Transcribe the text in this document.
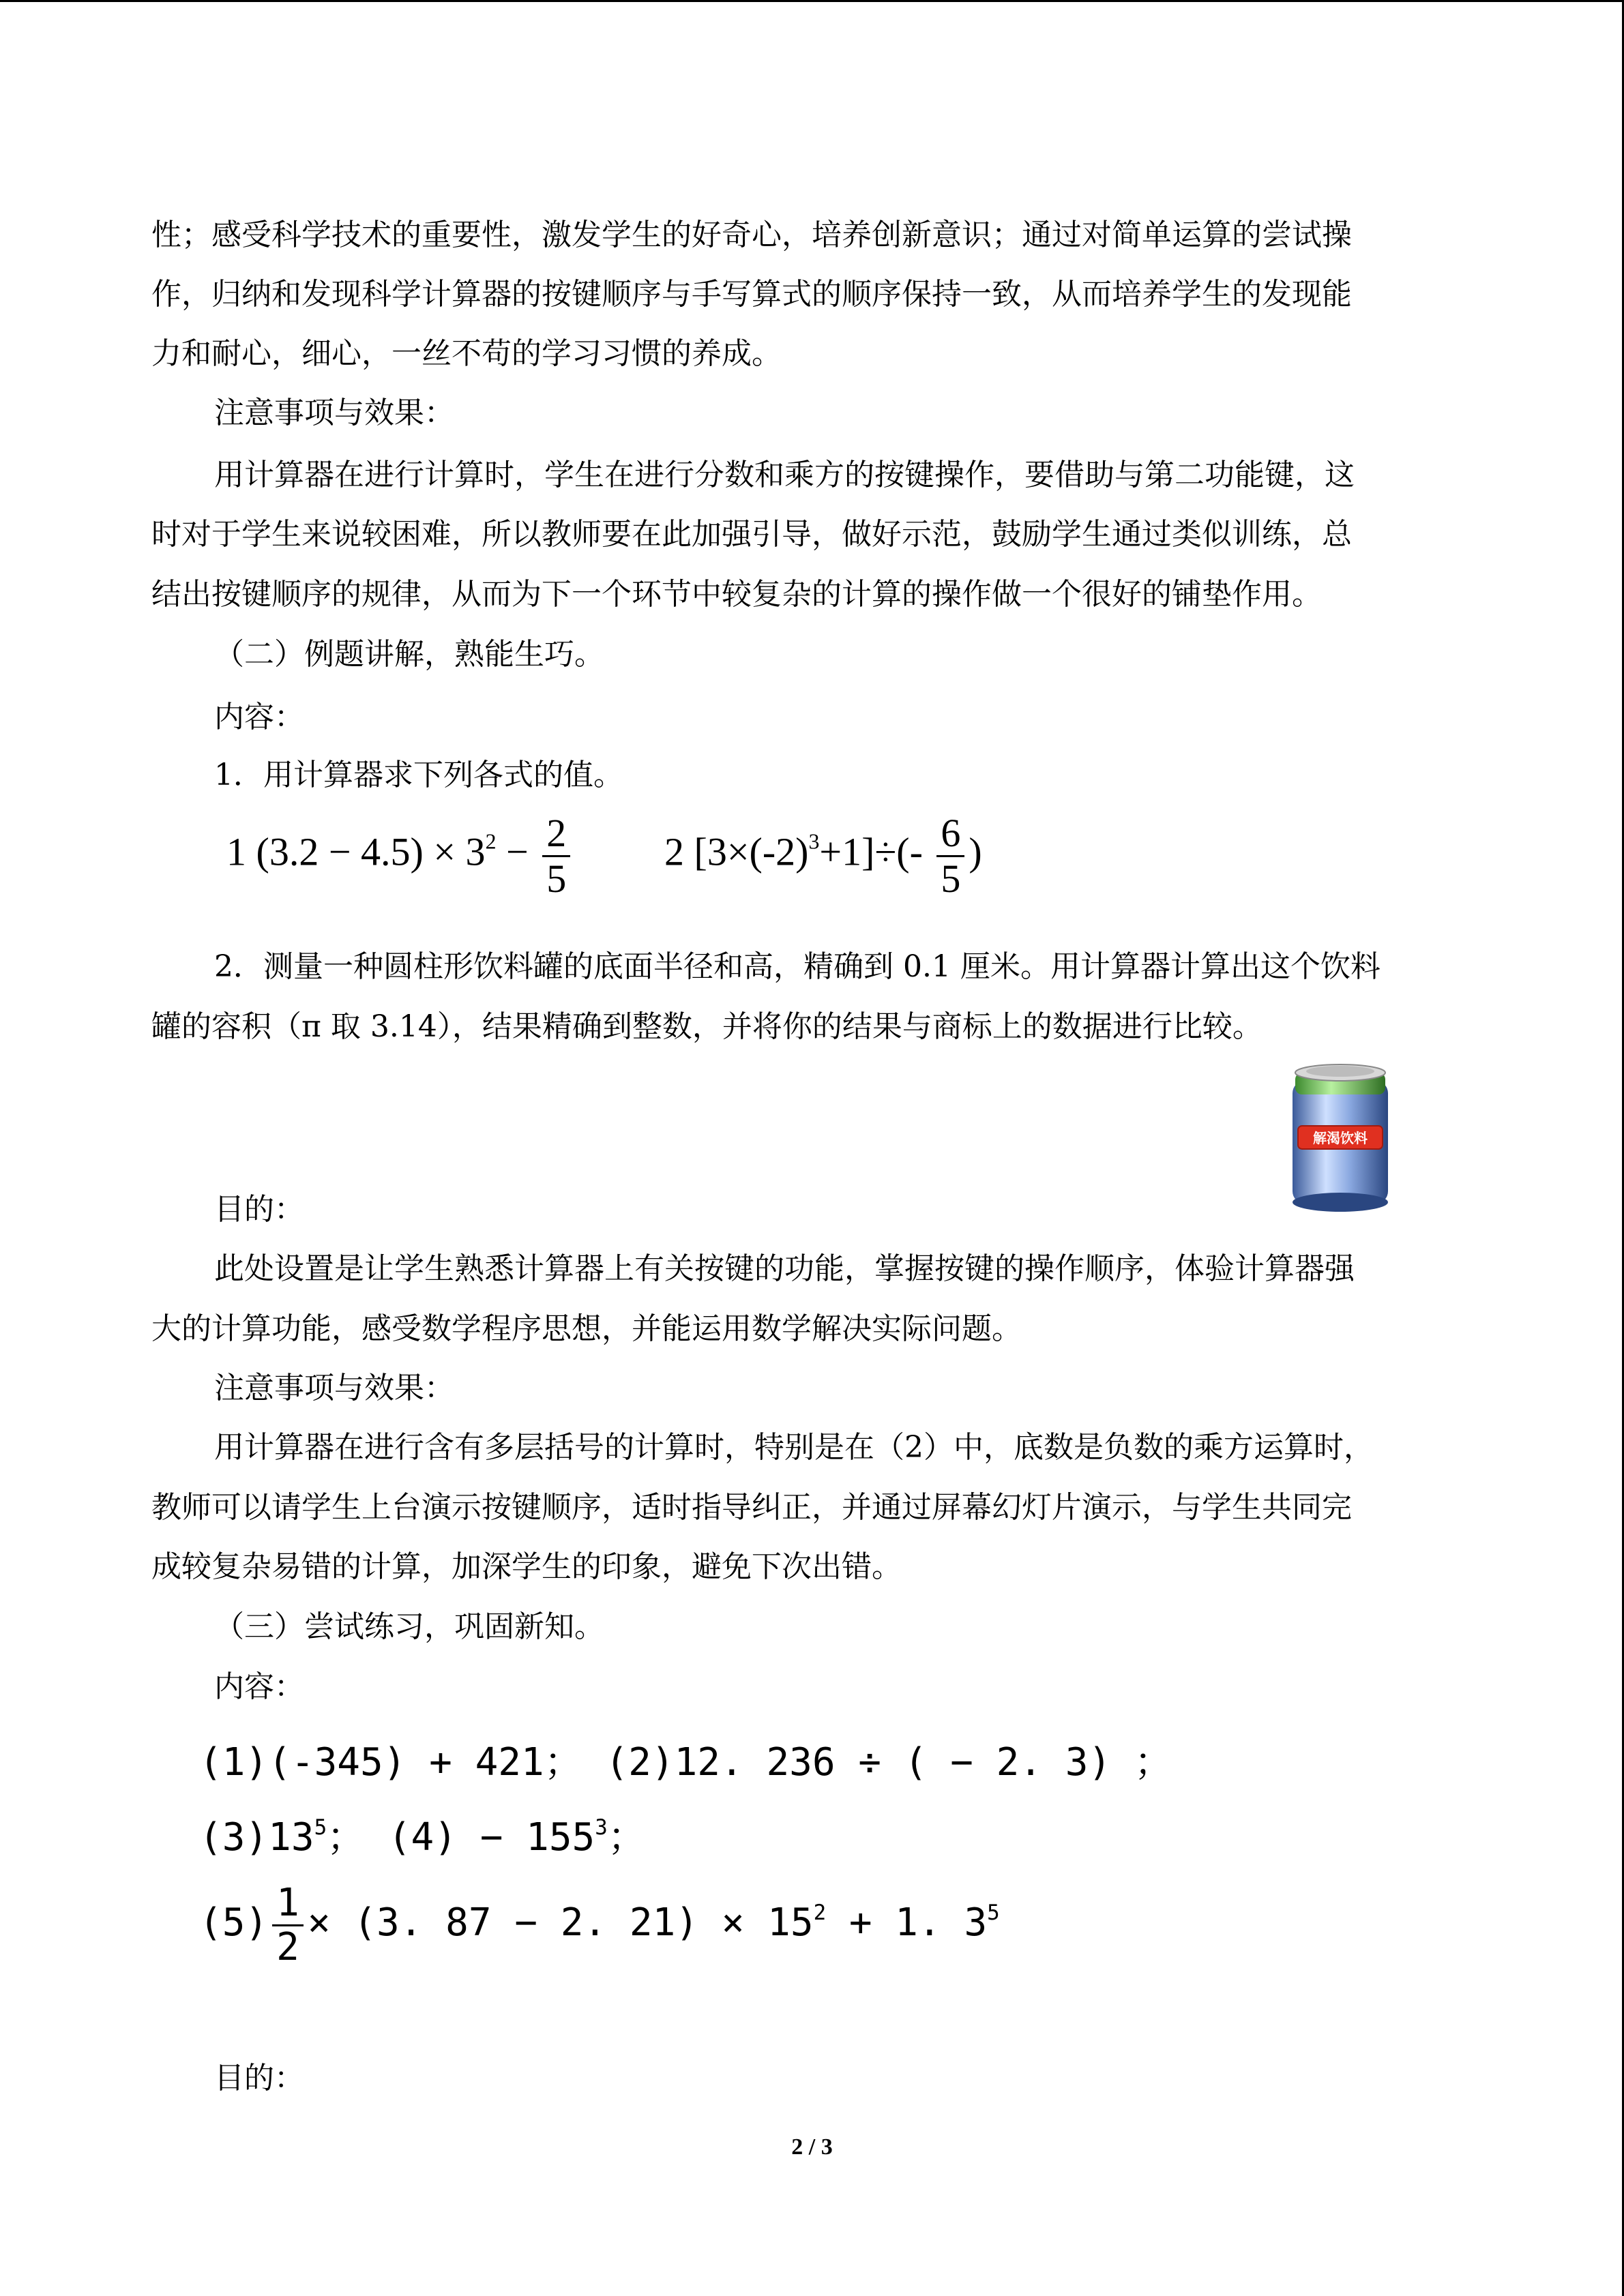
性；感受科学技术的重要性，激发学生的好奇心，培养创新意识；通过对简单运算的尝试操
作，归纳和发现科学计算器的按键顺序与手写算式的顺序保持一致，从而培养学生的发现能
力和耐心，细心，一丝不苟的学习习惯的养成。
注意事项与效果：
用计算器在进行计算时，学生在进行分数和乘方的按键操作，要借助与第二功能键，这
时对于学生来说较困难，所以教师要在此加强引导，做好示范，鼓励学生通过类似训练，总
结出按键顺序的规律，从而为下一个环节中较复杂的计算的操作做一个很好的铺垫作用。
（二）例题讲解，熟能生巧。
内容：
1．用计算器求下列各式的值。
1 $(3.2 - 4.5) \times 3^2 - \frac{2}{5} 2$ $[3\times(-2)^3+1]\div(- \frac{6}{5}$ )
2．测量一种圆柱形饮料罐的底面半径和高，精确到 0.1 厘米。用计算器计算出这个饮料
罐的容积（π 取 3.14），结果精确到整数，并将你的结果与商标上的数据进行比较。
目的：
此处设置是让学生熟悉计算器上有关按键的功能，掌握按键的操作顺序，体验计算器强
大的计算功能，感受数学程序思想，并能运用数学解决实际问题。
注意事项与效果：
用计算器在进行含有多层括号的计算时，特别是在（2）中，底数是负数的乘方运算时，
教师可以请学生上台演示按键顺序，适时指导纠正，并通过屏幕幻灯片演示，与学生共同完
成较复杂易错的计算，加深学生的印象，避免下次出错。
（三）尝试练习，巩固新知。
内容：
(1)(-345) + 421； (2)12. 236 ÷ ( − 2. 3) ；
$(3)13^5$； $(4) - 155^3$；
$(5) \frac{1}{2} \times (3$. 87 − 2. $21) \times 15^2 + 1$. $3^5$
目的：
解渴饮料
2 / 3
